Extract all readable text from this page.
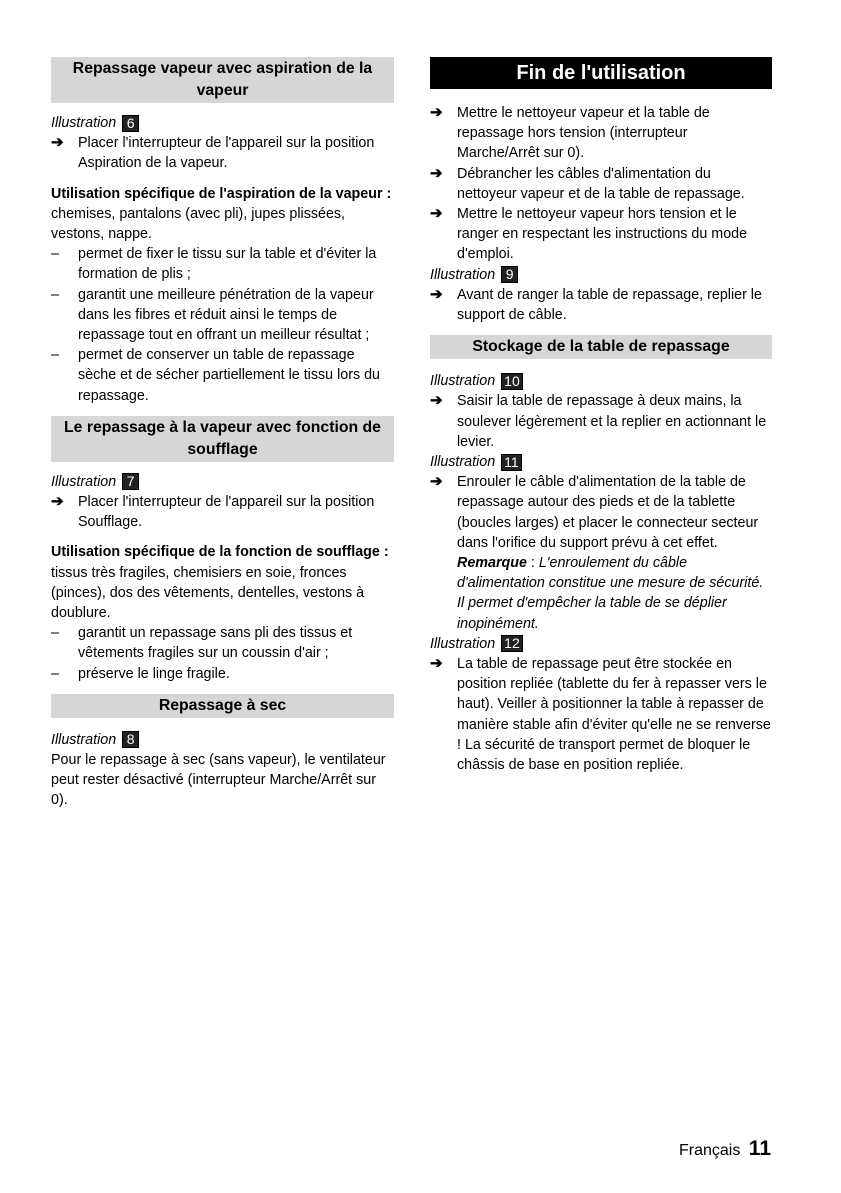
Repassage vapeur avec aspiration de la vapeur
Illustration 6
➔ Placer l'interrupteur de l'appareil sur la position Aspiration de la vapeur.
Utilisation spécifique de l'aspiration de la vapeur :
chemises, pantalons (avec pli), jupes plissées, vestons, nappe.
– permet de fixer le tissu sur la table et d'éviter la formation de plis ;
– garantit une meilleure pénétration de la vapeur dans les fibres et réduit ainsi le temps de repassage tout en offrant un meilleur résultat ;
– permet de conserver un table de repassage sèche et de sécher partiellement le tissu lors du repassage.
Le repassage à la vapeur avec fonction de soufflage
Illustration 7
➔ Placer l'interrupteur de l'appareil sur la position Soufflage.
Utilisation spécifique de la fonction de soufflage :
tissus très fragiles, chemisiers en soie, fronces (pinces), dos des vêtements, dentelles, vestons à doublure.
– garantit un repassage sans pli des tissus et vêtements fragiles sur un coussin d'air ;
– préserve le linge fragile.
Repassage à sec
Illustration 8
Pour le repassage à sec (sans vapeur), le ventilateur peut rester désactivé (interrupteur Marche/Arrêt sur 0).
Fin de l'utilisation
➔ Mettre le nettoyeur vapeur et la table de repassage hors tension (interrupteur Marche/Arrêt sur 0).
➔ Débrancher les câbles d'alimentation du nettoyeur vapeur et de la table de repassage.
➔ Mettre le nettoyeur vapeur hors tension et le ranger en respectant les instructions du mode d'emploi.
Illustration 9
➔ Avant de ranger la table de repassage, replier le support de câble.
Stockage de la table de repassage
Illustration 10
➔ Saisir la table de repassage à deux mains, la soulever légèrement et la replier en actionnant le levier.
Illustration 11
➔ Enrouler le câble d'alimentation de la table de repassage autour des pieds et de la tablette (boucles larges) et placer le connecteur secteur dans l'orifice du support prévu à cet effet.
Remarque : L'enroulement du câble d'alimentation constitue une mesure de sécurité. Il permet d'empêcher la table de se déplier inopinément.
Illustration 12
➔ La table de repassage peut être stockée en position repliée (tablette du fer à repasser vers le haut). Veiller à positionner la table à repasser de manière stable afin d'éviter qu'elle ne se renverse ! La sécurité de transport permet de bloquer le châssis de base en position repliée.
Français 11
